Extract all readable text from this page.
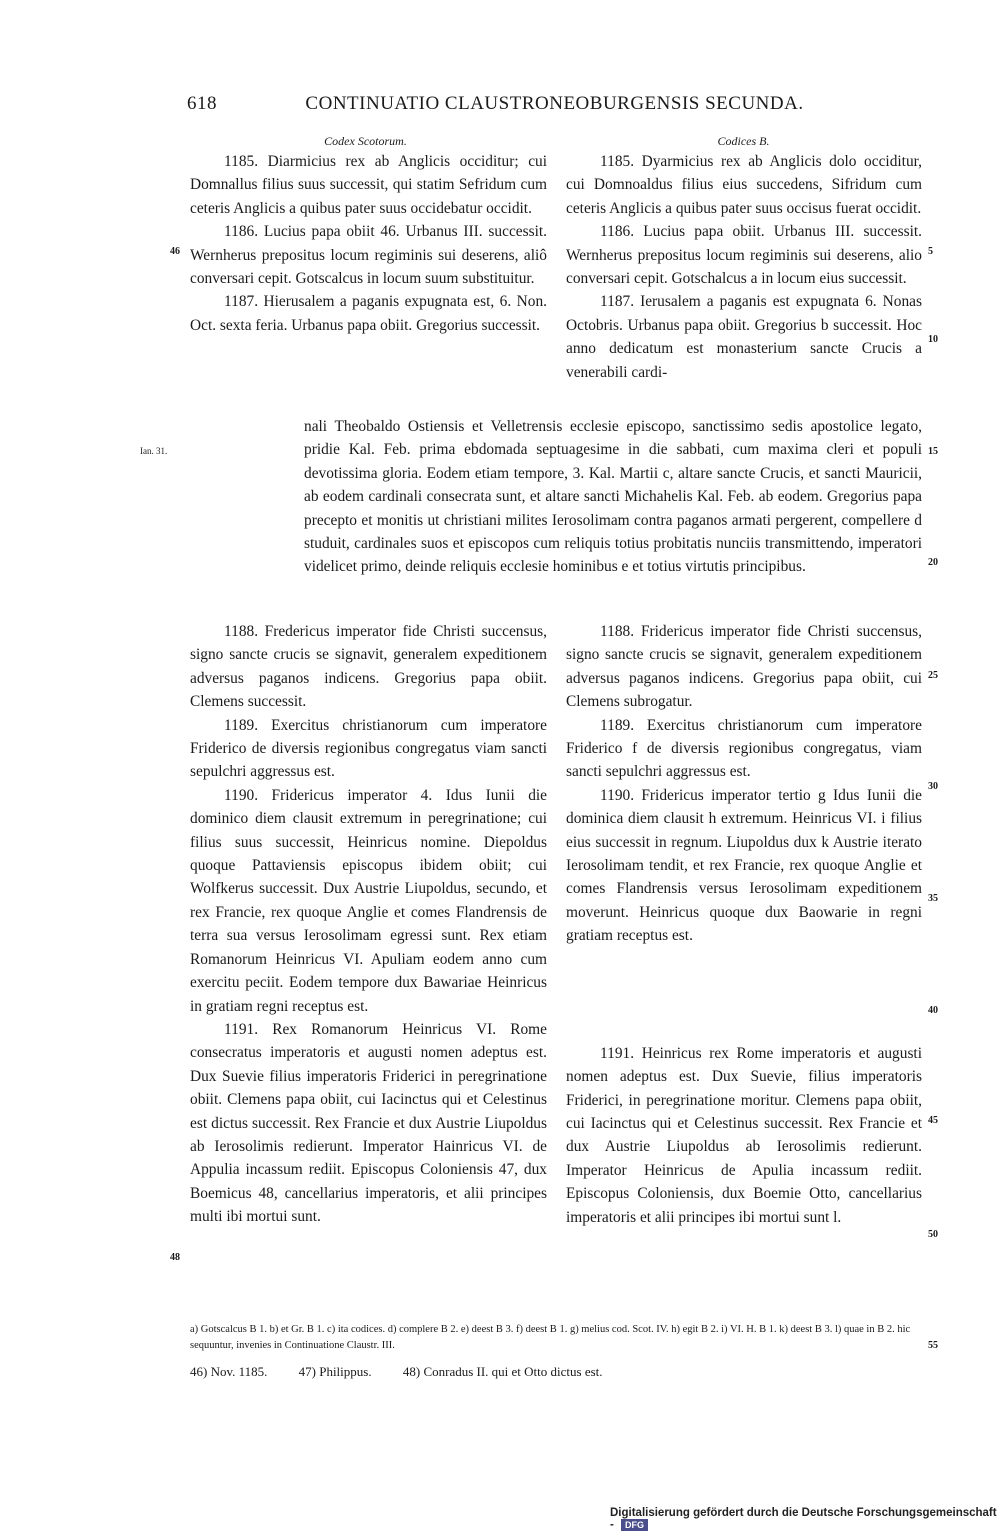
618	CONTINUATIO CLAUSTRONEOBURGENSIS SECUNDA.
Codex Scotorum.	Codices B.

1185. Diarmicius rex ab Anglicis occiditur; cui Domnallus filius suus successit, qui statim Sefridum cum ceteris Anglicis a quibus pater suus occidebatur occidit.

1186. Lucius papa obiit 46. Urbanus III. successit. Wernherus prepositus locum regiminis sui deserens, aliô conversari cepit. Gotscalcus in locum suum substituitur.

1187. Hierusalem a paganis expugnata est, 6. Non. Oct. sexta feria. Urbanus papa obiit. Gregorius successit.

1185. Dyarmicius rex ab Anglicis dolo occiditur, cui Domnoaldus filius eius succedens, Sifridum cum ceteris Anglicis a quibus pater suus occisus fuerat occidit.

1186. Lucius papa obiit. Urbanus III. successit. Wernherus prepositus locum regiminis sui deserens, alio conversari cepit. Gotschalcus a in locum eius successit.

1187. Ierusalem a paganis est expugnata 6. Nonas Octobris. Urbanus papa obiit. Gregorius b successit. Hoc anno dedicatum est monasterium sancte Crucis a venerabili cardi-

nali Theobaldo Ostiensis et Velletrensis ecclesie episcopo, sanctissimo sedis apostolice legato, pridie Kal. Feb. prima ebdomada septuagesime in die sabbati, cum maxima cleri et populi devotissima gloria. Eodem etiam tempore, 3. Kal. Martii c, altare sancte Crucis, et sancti Mauricii, ab eodem cardinali consecrata sunt, et altare sancti Michahelis Kal. Feb. ab eodem. Gregorius papa precepto et monitis ut christiani milites Ierosolimam contra paganos armati pergerent, compellere d studuit, cardinales suos et episcopos cum reliquis totius probitatis nunciis transmittendo, imperatori videlicet primo, deinde reliquis ecclesie hominibus e et totius virtutis principibus.

1188. Fredericus imperator fide Christi succensus, signo sancte crucis se signavit, generalem expeditionem adversus paganos indicens. Gregorius papa obiit. Clemens successit.

1189. Exercitus christianorum cum imperatore Friderico de diversis regionibus congregatus viam sancti sepulchri aggressus est.

1190. Fridericus imperator 4. Idus Iunii die dominico diem clausit extremum in peregrinatione; cui filius suus successit, Heinricus nomine. Diepoldus quoque Pattaviensis episcopus ibidem obiit; cui Wolfkerus successit. Dux Austrie Liupoldus, secundo, et rex Francie, rex quoque Anglie et comes Flandrensis de terra sua versus Ierosolimam egressi sunt. Rex etiam Romanorum Heinricus VI. Apuliam eodem anno cum exercitu peciit. Eodem tempore dux Bawariae Heinricus in gratiam regni receptus est.

1191. Rex Romanorum Heinricus VI. Rome consecratus imperatoris et augusti nomen adeptus est. Dux Suevie filius imperatoris Friderici in peregrinatione obiit. Clemens papa obiit, cui Iacinctus qui et Celestinus est dictus successit. Rex Francie et dux Austrie Liupoldus ab Ierosolimis redierunt. Imperator Hainricus VI. de Appulia incassum rediit. Episcopus Coloniensis 47, dux Boemicus 48, cancellarius imperatoris, et alii principes multi ibi mortui sunt.

1188. Fridericus imperator fide Christi succensus, signo sancte crucis se signavit, generalem expeditionem adversus paganos indicens. Gregorius papa obiit, cui Clemens subrogatur.

1189. Exercitus christianorum cum imperatore Friderico f de diversis regionibus congregatus, viam sancti sepulchri aggressus est.

1190. Fridericus imperator tertio g Idus Iunii die dominica diem clausit h extremum. Heinricus VI. i filius eius successit in regnum. Liupoldus dux k Austrie iterato Ierosolimam tendit, et rex Francie, rex quoque Anglie et comes Flandrensis versus Ierosolimam expeditionem moverunt. Heinricus quoque dux Baowarie in regni gratiam receptus est.

1191. Heinricus rex Rome imperatoris et augusti nomen adeptus est. Dux Suevie, filius imperatoris Friderici, in peregrinatione moritur. Clemens papa obiit, cui Iacinctus qui et Celestinus successit. Rex Francie et dux Austrie Liupoldus ab Ierosolimis redierunt. Imperator Heinricus de Apulia incassum rediit. Episcopus Coloniensis, dux Boemie Otto, cancellarius imperatoris et alii principes ibi mortui sunt l.

5
10
15
20
25
30
35
40
45
50
55
46
48
Ian. 31.

a) Gotscalcus B 1. b) et Gr. B 1. c) ita codices. d) complere B 2. e) deest B 3. f) deest B 1. g) melius cod. Scot. IV. h) egit B 2. i) VI. H. B 1. k) deest B 3. l) quae in B 2. hic sequuntur, invenies in Continuatione Claustr. III.

46) Nov. 1185. 47) Philippus. 48) Conradus II. qui et Otto dictus est.
Digitalisierung gefördert durch die Deutsche Forschungsgemeinschaft - DFG
